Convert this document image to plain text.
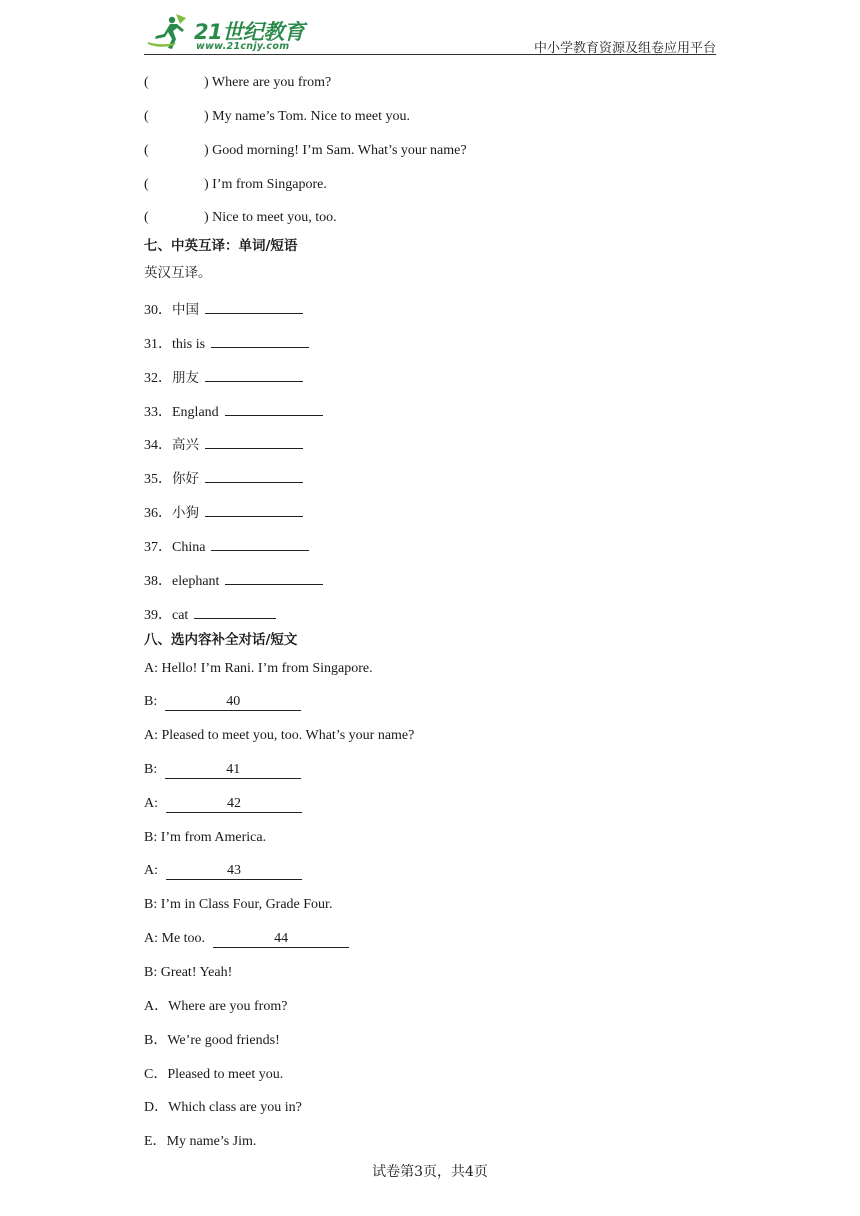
21世纪教育
www.21cnjy.com	中小学教育资源及组卷应用平台
(	) Where are you from?
(	) My name’s Tom. Nice to meet you.
(	) Good morning! I’m Sam. What’s your name?
(	) I’m from Singapore.
(	) Nice to meet you, too.
七、中英互译：单词/短语
英汉互译。
30．中国
31．this is
32．朋友
33．England
34．高兴
35．你好
36．小狗
37．China
38．elephant
39．cat
八、选内容补全对话/短文
A: Hello! I’m Rani. I’m from Singapore.
B:	40
A: Pleased to meet you, too. What’s your name?
B:	41
A:	42
B: I’m from America.
A:	43
B: I’m in Class Four, Grade Four.
A: Me too.	44
B: Great! Yeah!
A．Where are you from?
B．We’re good friends!
C．Pleased to meet you.
D．Which class are you in?
E．My name’s Jim.
试卷第3页，共4页
